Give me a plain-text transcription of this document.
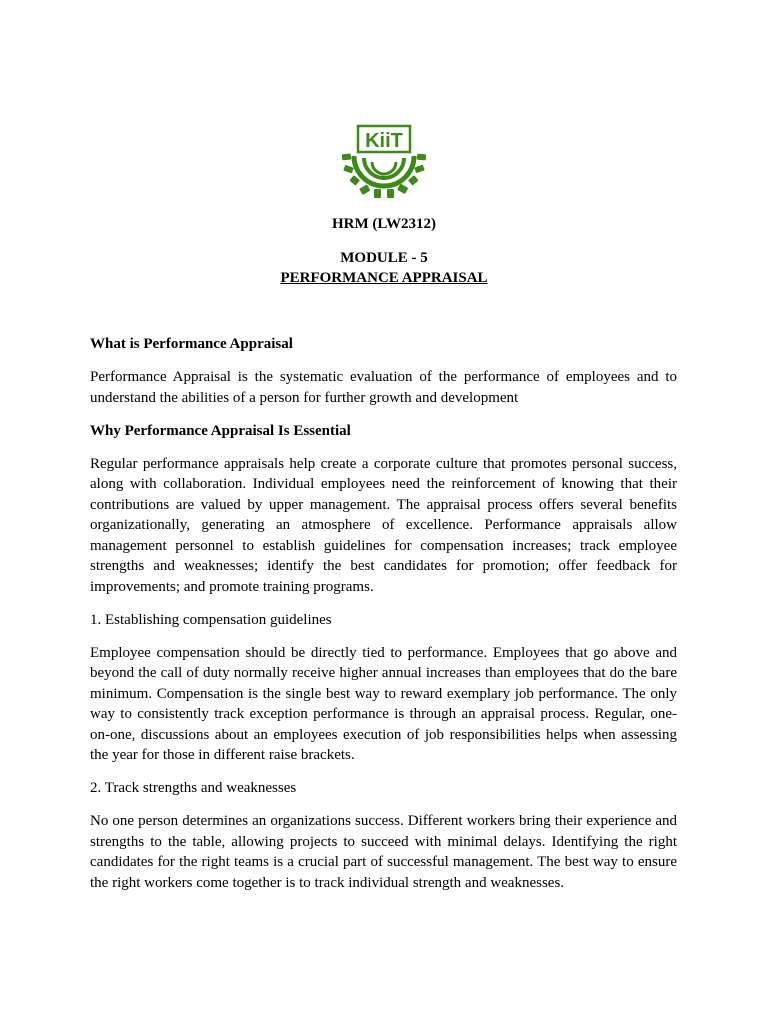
KiiT
HRM (LW2312)
MODULE - 5
PERFORMANCE APPRAISAL
What is Performance Appraisal

Performance Appraisal is the systematic evaluation of the performance of employees and to understand the abilities of a person for further growth and development

Why Performance Appraisal Is Essential

Regular performance appraisals help create a corporate culture that promotes personal success, along with collaboration. Individual employees need the reinforcement of knowing that their contributions are valued by upper management. The appraisal process offers several benefits organizationally, generating an atmosphere of excellence. Performance appraisals allow management personnel to establish guidelines for compensation increases; track employee strengths and weaknesses; identify the best candidates for promotion; offer feedback for improvements; and promote training programs.

1. Establishing compensation guidelines

Employee compensation should be directly tied to performance. Employees that go above and beyond the call of duty normally receive higher annual increases than employees that do the bare minimum. Compensation is the single best way to reward exemplary job performance. The only way to consistently track exception performance is through an appraisal process. Regular, one-on-one, discussions about an employees execution of job responsibilities helps when assessing the year for those in different raise brackets.

2. Track strengths and weaknesses

No one person determines an organizations success. Different workers bring their experience and strengths to the table, allowing projects to succeed with minimal delays. Identifying the right candidates for the right teams is a crucial part of successful management. The best way to ensure the right workers come together is to track individual strength and weaknesses.
